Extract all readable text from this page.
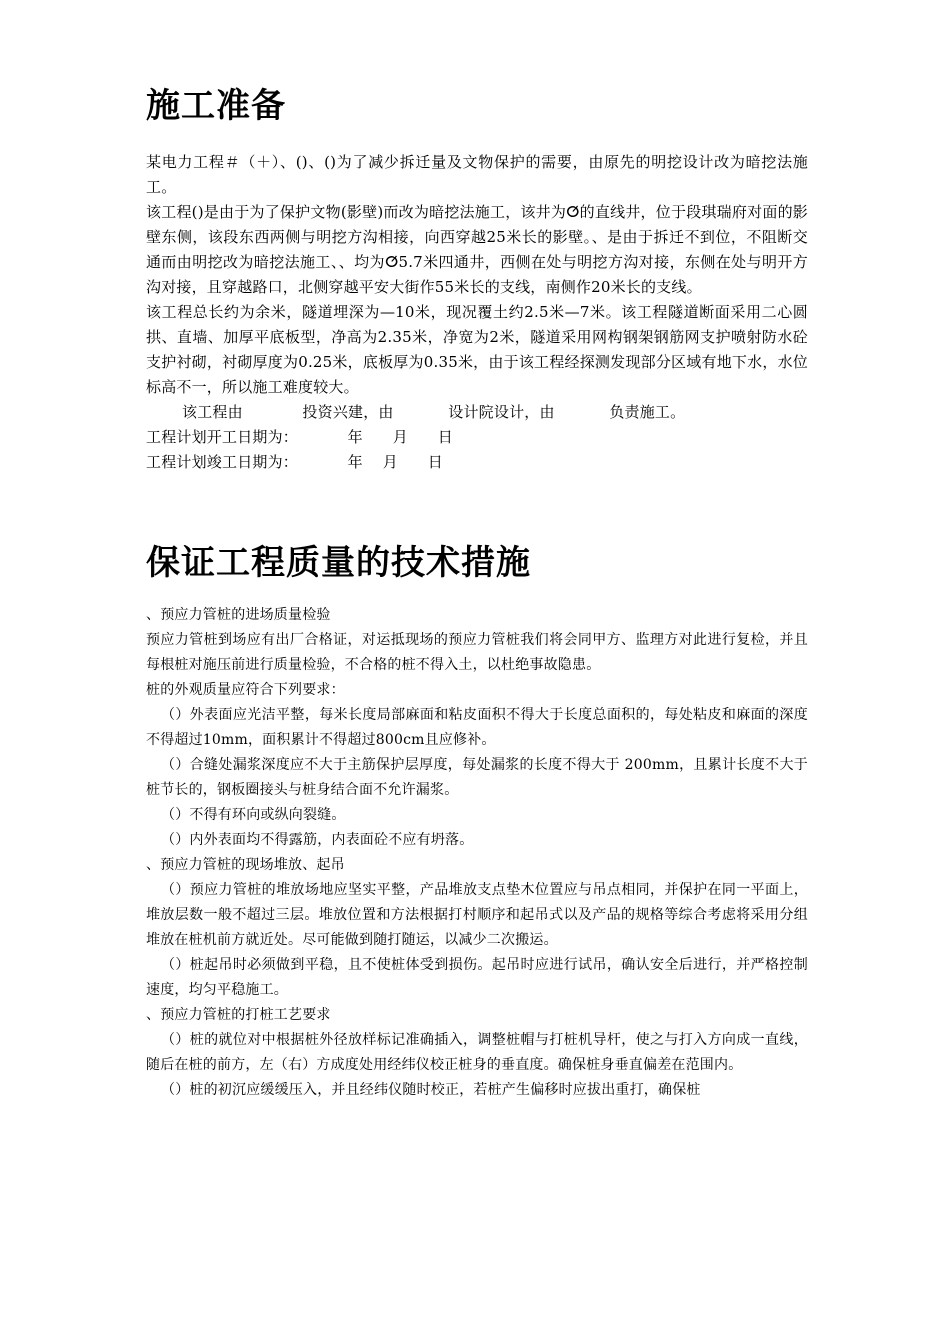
施工准备

某电力工程＃（＋）、()、()为了减少拆迁量及文物保护的需要，由原先的明挖设计改为暗挖法施工。

该工程()是由于为了保护文物(影壁)而改为暗挖法施工，该井为ⵚ的直线井，位于段琪瑞府对面的影壁东侧，该段东西两侧与明挖方沟相接，向西穿越25米长的影壁。、是由于拆迁不到位，不阻断交通而由明挖改为暗挖法施工、、均为ⵚ5.7米四通井，西侧在处与明挖方沟对接，东侧在处与明开方沟对接，且穿越路口，北侧穿越平安大街作55米长的支线，南侧作20米长的支线。

该工程总长约为余米，隧道埋深为—10米，现况覆土约2.5米—7米。该工程隧道断面采用二心圆拱、直墙、加厚平底板型，净高为2.35米，净宽为2米，隧道采用网构钢架钢筋网支护喷射防水砼支护衬砌，衬砌厚度为0.25米，底板厚为0.35米，由于该工程经探测发现部分区域有地下水，水位标高不一，所以施工难度较大。

该工程由            投资兴建，由           设计院设计，由           负责施工。

工程计划开工日期为：          年      月      日

工程计划竣工日期为：          年    月      日

保证工程质量的技术措施

、预应力管桩的进场质量检验

预应力管桩到场应有出厂合格证，对运抵现场的预应力管桩我们将会同甲方、监理方对此进行复检，并且每根桩对施压前进行质量检验，不合格的桩不得入土，以杜绝事故隐患。

桩的外观质量应符合下列要求：

（）外表面应光洁平整，每米长度局部麻面和粘皮面积不得大于长度总面积的，每处粘皮和麻面的深度不得超过10mm，面积累计不得超过800cm且应修补。

（）合缝处漏浆深度应不大于主筋保护层厚度，每处漏浆的长度不得大于 200mm，且累计长度不大于桩节长的，钢板圈接头与桩身结合面不允许漏浆。

（）不得有环向或纵向裂缝。

（）内外表面均不得露筋，内表面砼不应有坍落。

、预应力管桩的现场堆放、起吊

（）预应力管桩的堆放场地应坚实平整，产品堆放支点垫木位置应与吊点相同，并保护在同一平面上，堆放层数一般不超过三层。堆放位置和方法根据打村顺序和起吊式以及产品的规格等综合考虑将采用分组堆放在桩机前方就近处。尽可能做到随打随运，以减少二次搬运。

（）桩起吊时必须做到平稳，且不使桩体受到损伤。起吊时应进行试吊，确认安全后进行，并严格控制速度，均匀平稳施工。

、预应力管桩的打桩工艺要求

（）桩的就位对中根据桩外径放样标记准确插入，调整桩帽与打桩机导杆，使之与打入方向成一直线，随后在桩的前方，左（右）方成度处用经纬仪校正桩身的垂直度。确保桩身垂直偏差在范围内。

（）桩的初沉应缓缓压入，并且经纬仪随时校正，若桩产生偏移时应拔出重打，确保桩
